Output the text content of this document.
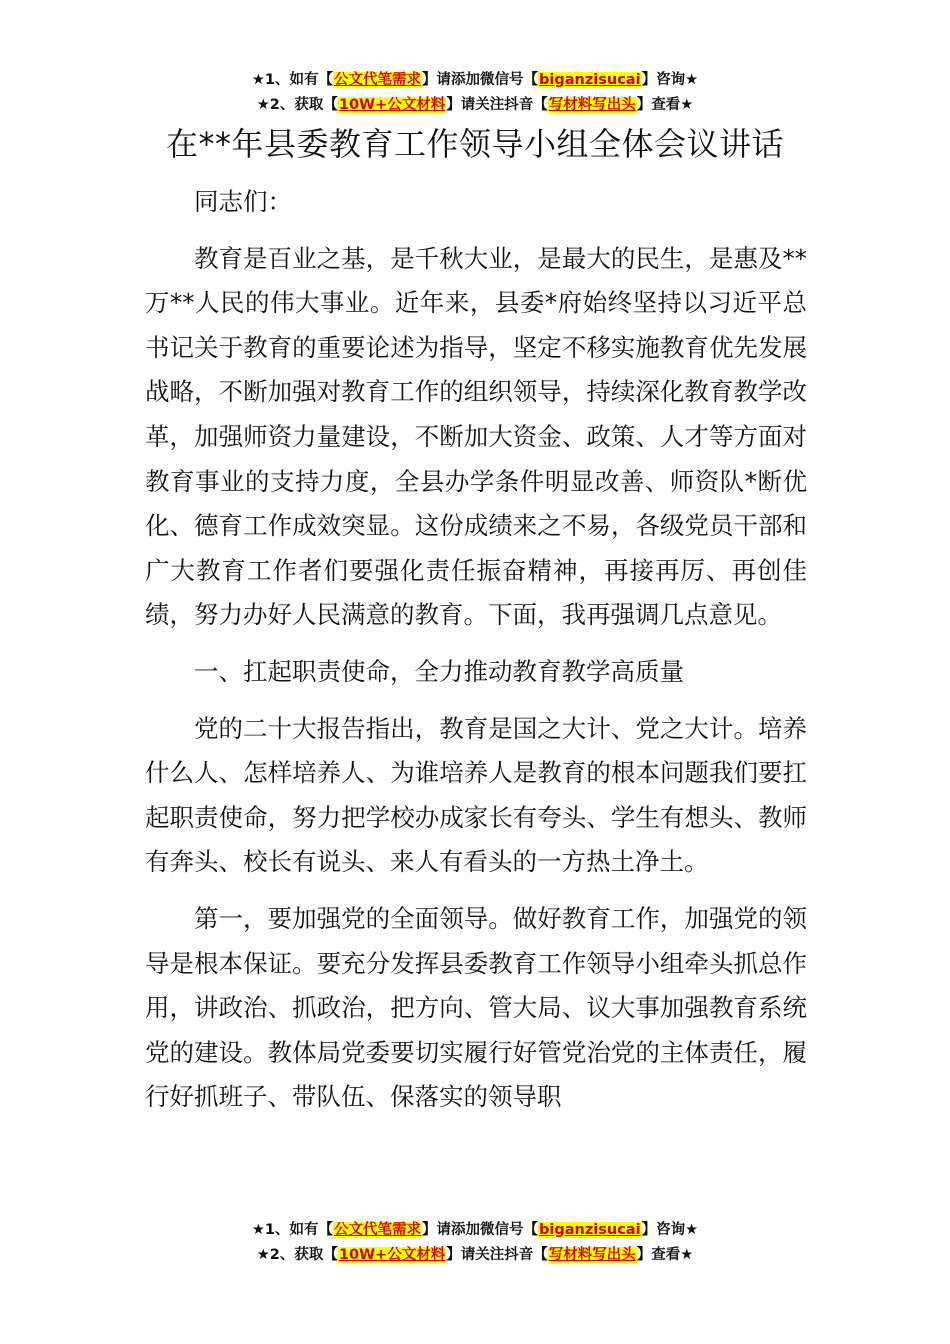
★1、如有【公文代笔需求】请添加微信号【biganzisucai】咨询★
★2、获取【10W+公文材料】请关注抖音【写材料写出头】查看★
在**年县委教育工作领导小组全体会议讲话

同志们：

教育是百业之基，是千秋大业，是最大的民生，是惠及**万**人民的伟大事业。近年来，县委*府始终坚持以习近平总书记关于教育的重要论述为指导，坚定不移实施教育优先发展战略，不断加强对教育工作的组织领导，持续深化教育教学改革，加强师资力量建设，不断加大资金、政策、人才等方面对教育事业的支持力度，全县办学条件明显改善、师资队*断优化、德育工作成效突显。这份成绩来之不易，各级党员干部和广大教育工作者们要强化责任振奋精神，再接再厉、再创佳绩，努力办好人民满意的教育。下面，我再强调几点意见。

一、扛起职责使命，全力推动教育教学高质量

党的二十大报告指出，教育是国之大计、党之大计。培养什么人、怎样培养人、为谁培养人是教育的根本问题我们要扛起职责使命，努力把学校办成家长有夸头、学生有想头、教师有奔头、校长有说头、来人有看头的一方热土净土。

第一，要加强党的全面领导。做好教育工作，加强党的领导是根本保证。要充分发挥县委教育工作领导小组牵头抓总作用，讲政治、抓政治，把方向、管大局、议大事加强教育系统党的建设。教体局党委要切实履行好管党治党的主体责任，履行好抓班子、带队伍、保落实的领导职

★1、如有【公文代笔需求】请添加微信号【biganzisucai】咨询★
★2、获取【10W+公文材料】请关注抖音【写材料写出头】查看★
